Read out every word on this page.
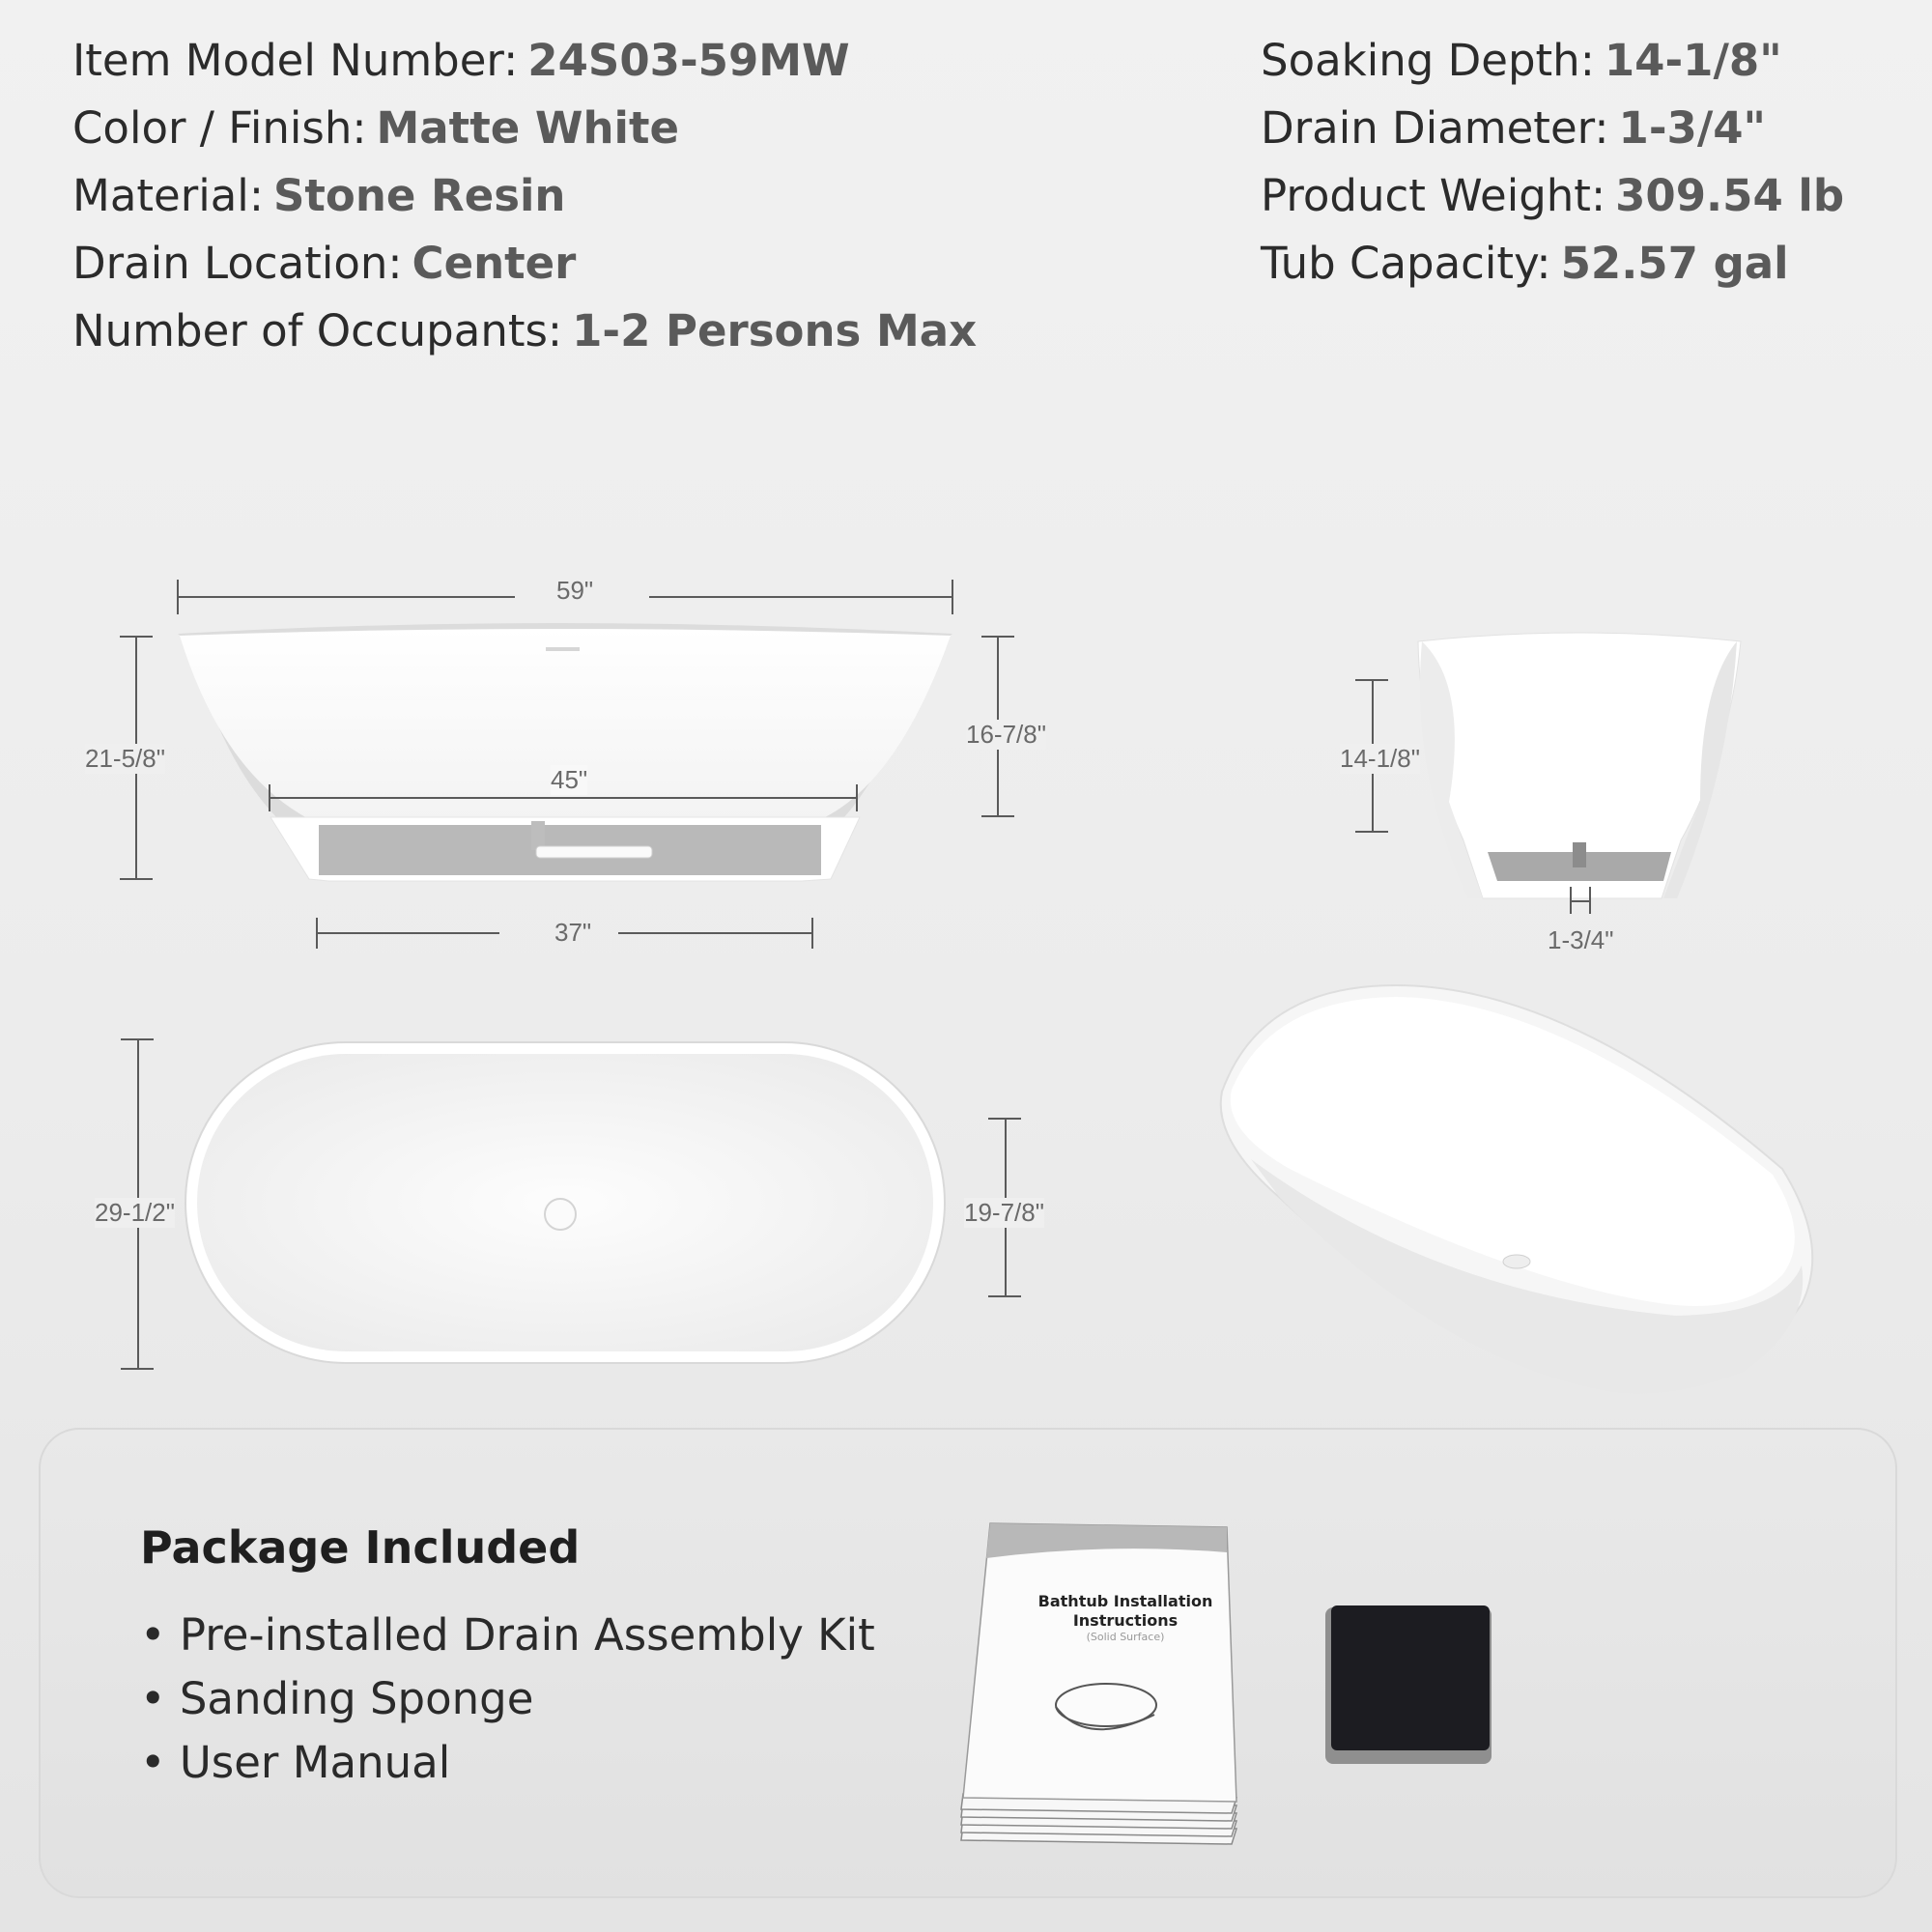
Item Model Number: 24S03-59MW
Color / Finish: Matte White
Material: Stone Resin
Drain Location: Center
Number of Occupants: 1-2 Persons Max
Soaking Depth: 14-1/8"
Drain Diameter: 1-3/4"
Product Weight: 309.54 lb
Tub Capacity: 52.57 gal
59"
21-5/8"
16-7/8"
45"
37"
14-1/8"
1-3/4"
29-1/2"	19-7/8"
Package Included
• Pre-installed Drain Assembly Kit
• Sanding Sponge
• User Manual
Bathtub Installation Instructions
(Solid Surface)
